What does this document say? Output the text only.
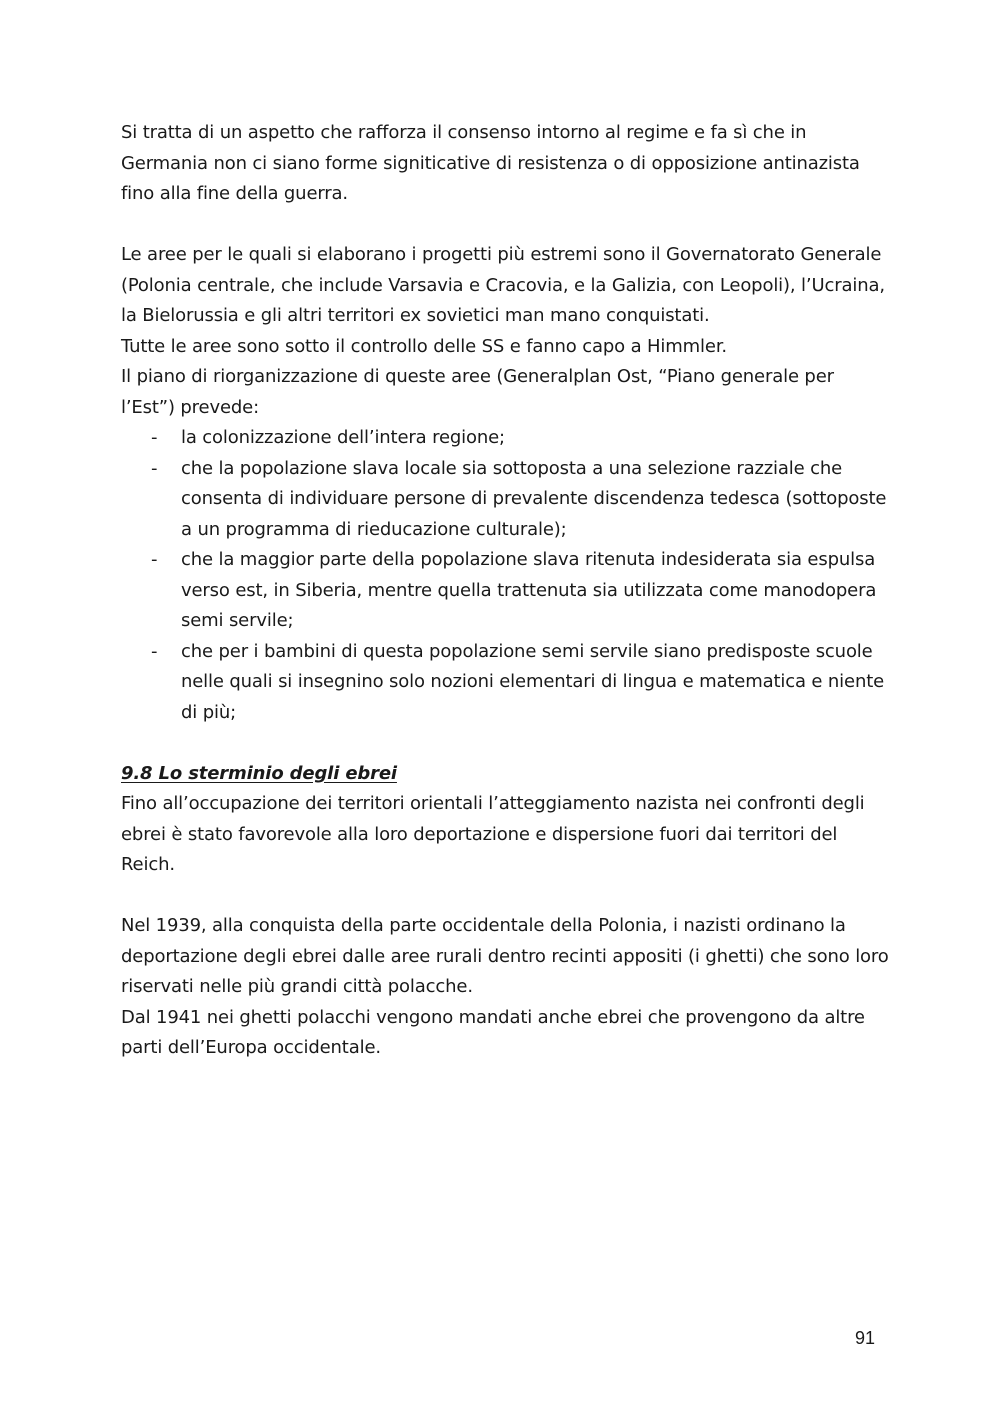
Si tratta di un aspetto che rafforza il consenso intorno al regime e fa sì che in Germania non ci siano forme signiticative di resistenza o di opposizione antinazista fino alla fine della guerra.

Le aree per le quali si elaborano i progetti più estremi sono il Governatorato Generale (Polonia centrale, che include Varsavia e Cracovia, e la Galizia, con Leopoli), l’Ucraina, la Bielorussia e gli altri territori ex sovietici man mano conquistati.

Tutte le aree sono sotto il controllo delle SS e fanno capo a Himmler.

Il piano di riorganizzazione di queste aree (Generalplan Ost, “Piano generale per l’Est”) prevede:

- la colonizzazione dell’intera regione;
- che la popolazione slava locale sia sottoposta a una selezione razziale che consenta di individuare persone di prevalente discendenza tedesca (sottoposte a un programma di rieducazione culturale);
- che la maggior parte della popolazione slava ritenuta indesiderata sia espulsa verso est, in Siberia, mentre quella trattenuta sia utilizzata come manodopera semi servile;
- che per i bambini di questa popolazione semi servile siano predisposte scuole nelle quali si insegnino solo nozioni elementari di lingua e matematica e niente di più;

9.8 Lo sterminio degli ebrei

Fino all’occupazione dei territori orientali l’atteggiamento nazista nei confronti degli ebrei è stato favorevole alla loro deportazione e dispersione fuori dai territori del Reich.

Nel 1939, alla conquista della parte occidentale della Polonia, i nazisti ordinano la deportazione degli ebrei dalle aree rurali dentro recinti appositi (i ghetti) che sono loro riservati nelle più grandi città polacche.

Dal 1941 nei ghetti polacchi vengono mandati anche ebrei che provengono da altre parti dell’Europa occidentale.

91
